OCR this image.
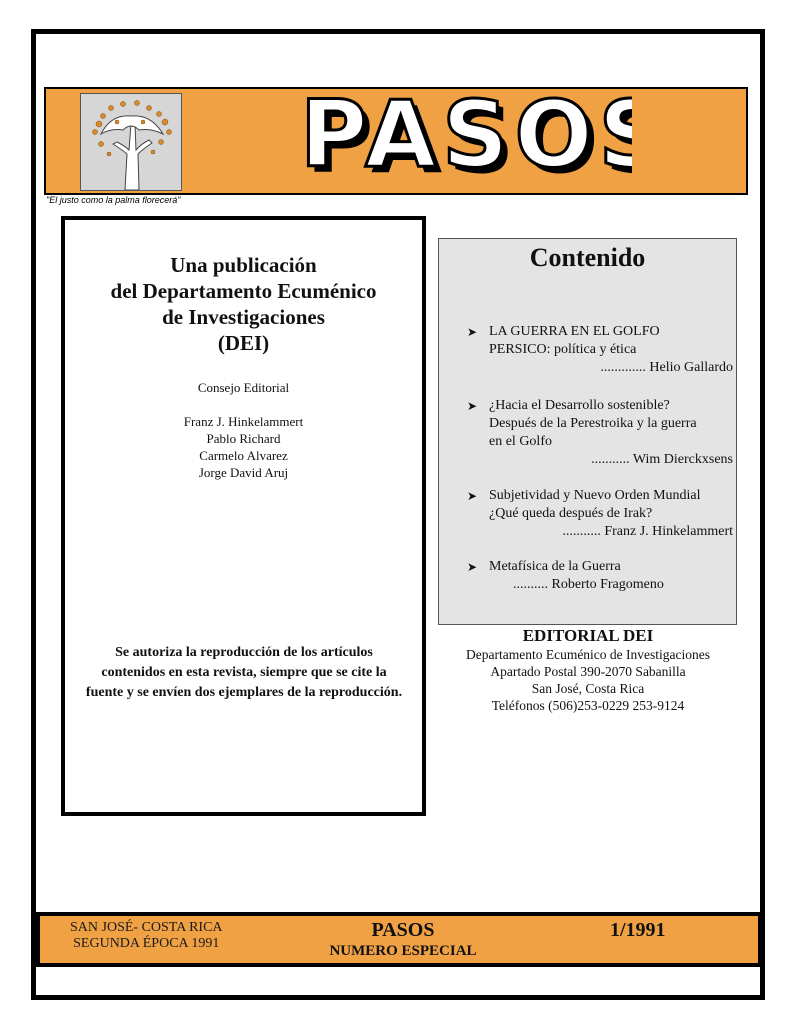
PASO
PASO
"El justo como la palma florecerá"
Una publicación
del Departamento Ecuménico
de Investigaciones
(DEI)
Consejo Editorial
Franz J. Hinkelammert
Pablo Richard
Carmelo Alvarez
Jorge David Aruj
Se autoriza la reproducción de los artículos contenidos en esta revista, siempre que se cite la fuente y se envíen dos ejemplares de la reproducción.
Contenido
➤ LA GUERRA EN EL GOLFO
PERSICO: política y ética
............. Helio Gallardo
➤ ¿Hacia el Desarrollo sostenible?
Después de la Perestroika y la guerra
en el Golfo
........... Wim Dierckxsens
➤ Subjetividad y Nuevo Orden Mundial
¿Qué queda después de Irak?
........... Franz J. Hinkelammert
➤ Metafísica de la Guerra
.......... Roberto Fragomeno
EDITORIAL DEI
Departamento Ecuménico de Investigaciones
Apartado Postal 390-2070 Sabanilla
San José, Costa Rica
Teléfonos (506)253-0229 253-9124
SAN JOSÉ- COSTA RICA
SEGUNDA ÉPOCA 1991
PASOS
NUMERO ESPECIAL
1/1991
